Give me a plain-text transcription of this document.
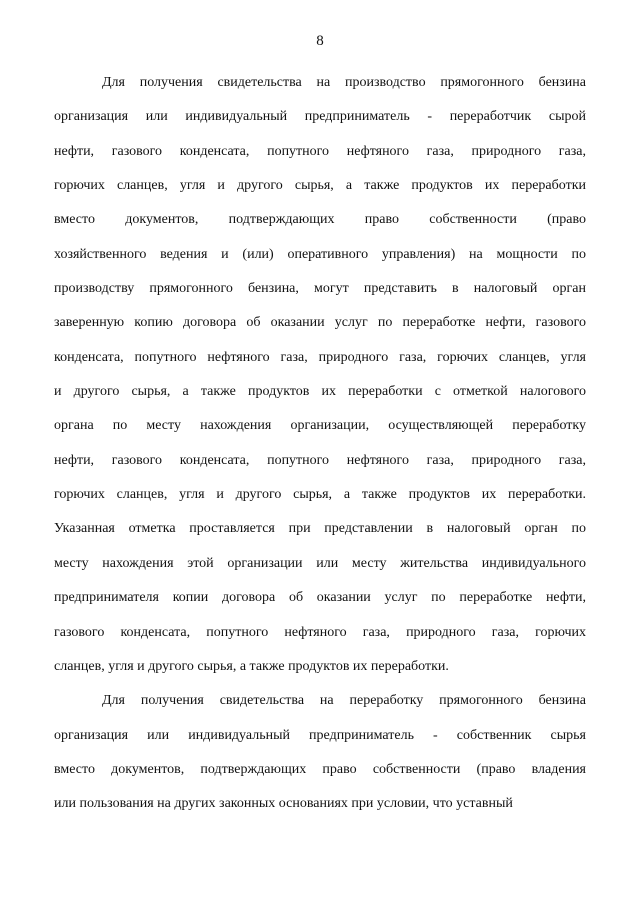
8
Для получения свидетельства на производство прямогонного бензина
организация или индивидуальный предприниматель - переработчик сырой
нефти, газового конденсата, попутного нефтяного газа, природного газа,
горючих сланцев, угля и другого сырья, а также продуктов их переработки
вместо документов, подтверждающих право собственности (право
хозяйственного ведения и (или) оперативного управления) на мощности по
производству прямогонного бензина, могут представить в налоговый орган
заверенную копию договора об оказании услуг по переработке нефти, газового
конденсата, попутного нефтяного газа, природного газа, горючих сланцев, угля
и другого сырья, а также продуктов их переработки с отметкой налогового
органа по месту нахождения организации, осуществляющей переработку
нефти, газового конденсата, попутного нефтяного газа, природного газа,
горючих сланцев, угля и другого сырья, а также продуктов их переработки.
Указанная отметка проставляется при представлении в налоговый орган по
месту нахождения этой организации или месту жительства индивидуального
предпринимателя копии договора об оказании услуг по переработке нефти,
газового конденсата, попутного нефтяного газа, природного газа, горючих
сланцев, угля и другого сырья, а также продуктов их переработки.
Для получения свидетельства на переработку прямогонного бензина
организация или индивидуальный предприниматель - собственник сырья
вместо документов, подтверждающих право собственности (право владения
или пользования на других законных основаниях при условии, что уставный
